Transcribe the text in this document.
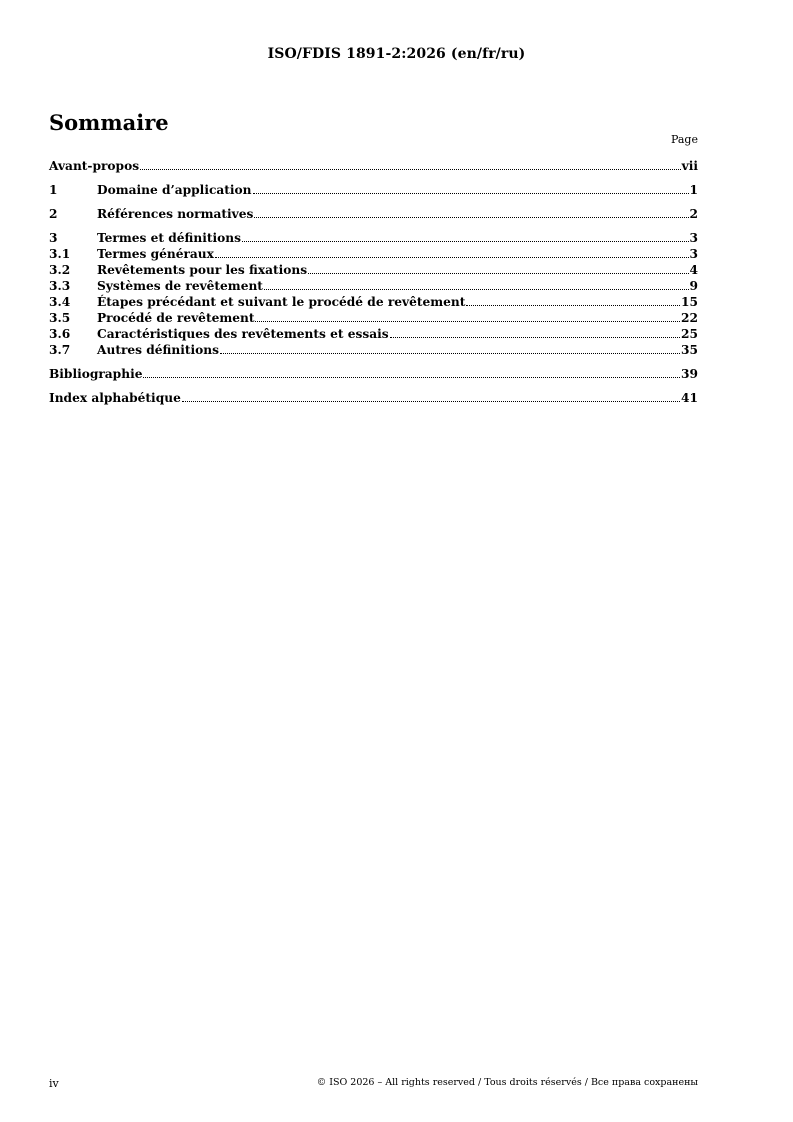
ISO/FDIS 1891-2:2026 (en/fr/ru)
Sommaire
Page
Avant-propos	vii
1	Domaine d’application	1
2	Références normatives	2
3	Termes et définitions	3
3.1	Termes généraux	3
3.2	Revêtements pour les fixations	4
3.3	Systèmes de revêtement	9
3.4	Étapes précédant et suivant le procédé de revêtement	15
3.5	Procédé de revêtement	22
3.6	Caractéristiques des revêtements et essais	25
3.7	Autres définitions	35
Bibliographie	39
Index alphabétique	41
iv	© ISO 2026 – All rights reserved / Tous droits réservés / Все права сохранены
